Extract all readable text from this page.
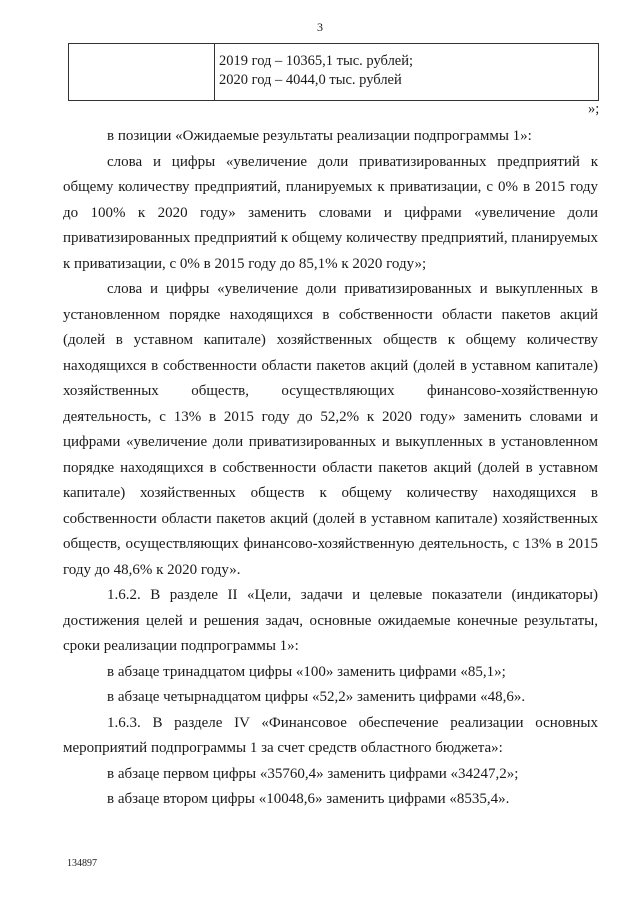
3
2019 год – 10365,1 тыс. рублей;
2020 год – 4044,0 тыс. рублей
»;

в позиции «Ожидаемые результаты реализации подпрограммы 1»:

слова и цифры «увеличение доли приватизированных предприятий к общему количеству предприятий, планируемых к приватизации, с 0% в 2015 году до 100% к 2020 году» заменить словами и цифрами «увеличение доли приватизированных предприятий к общему количеству предприятий, планируемых к приватизации, с 0% в 2015 году до 85,1% к 2020 году»;

слова и цифры «увеличение доли приватизированных и выкупленных в установленном порядке находящихся в собственности области пакетов акций (долей в уставном капитале) хозяйственных обществ к общему количеству находящихся в собственности области пакетов акций (долей в уставном капитале) хозяйственных обществ, осуществляющих финансово-хозяйственную деятельность, с 13% в 2015 году до 52,2% к 2020 году» заменить словами и цифрами «увеличение доли приватизированных и выкупленных в установленном порядке находящихся в собственности области пакетов акций (долей в уставном капитале) хозяйственных обществ к общему количеству находящихся в собственности области пакетов акций (долей в уставном капитале) хозяйственных обществ, осуществляющих финансово-хозяйственную деятельность, с 13% в 2015 году до 48,6% к 2020 году».

1.6.2. В разделе II «Цели, задачи и целевые показатели (индикаторы) достижения целей и решения задач, основные ожидаемые конечные результаты, сроки реализации подпрограммы 1»:

в абзаце тринадцатом цифры «100» заменить цифрами «85,1»;

в абзаце четырнадцатом цифры «52,2» заменить цифрами «48,6».

1.6.3. В разделе IV «Финансовое обеспечение реализации основных мероприятий подпрограммы 1 за счет средств областного бюджета»:

в абзаце первом цифры «35760,4» заменить цифрами «34247,2»;

в абзаце втором цифры «10048,6» заменить цифрами «8535,4».

134897
